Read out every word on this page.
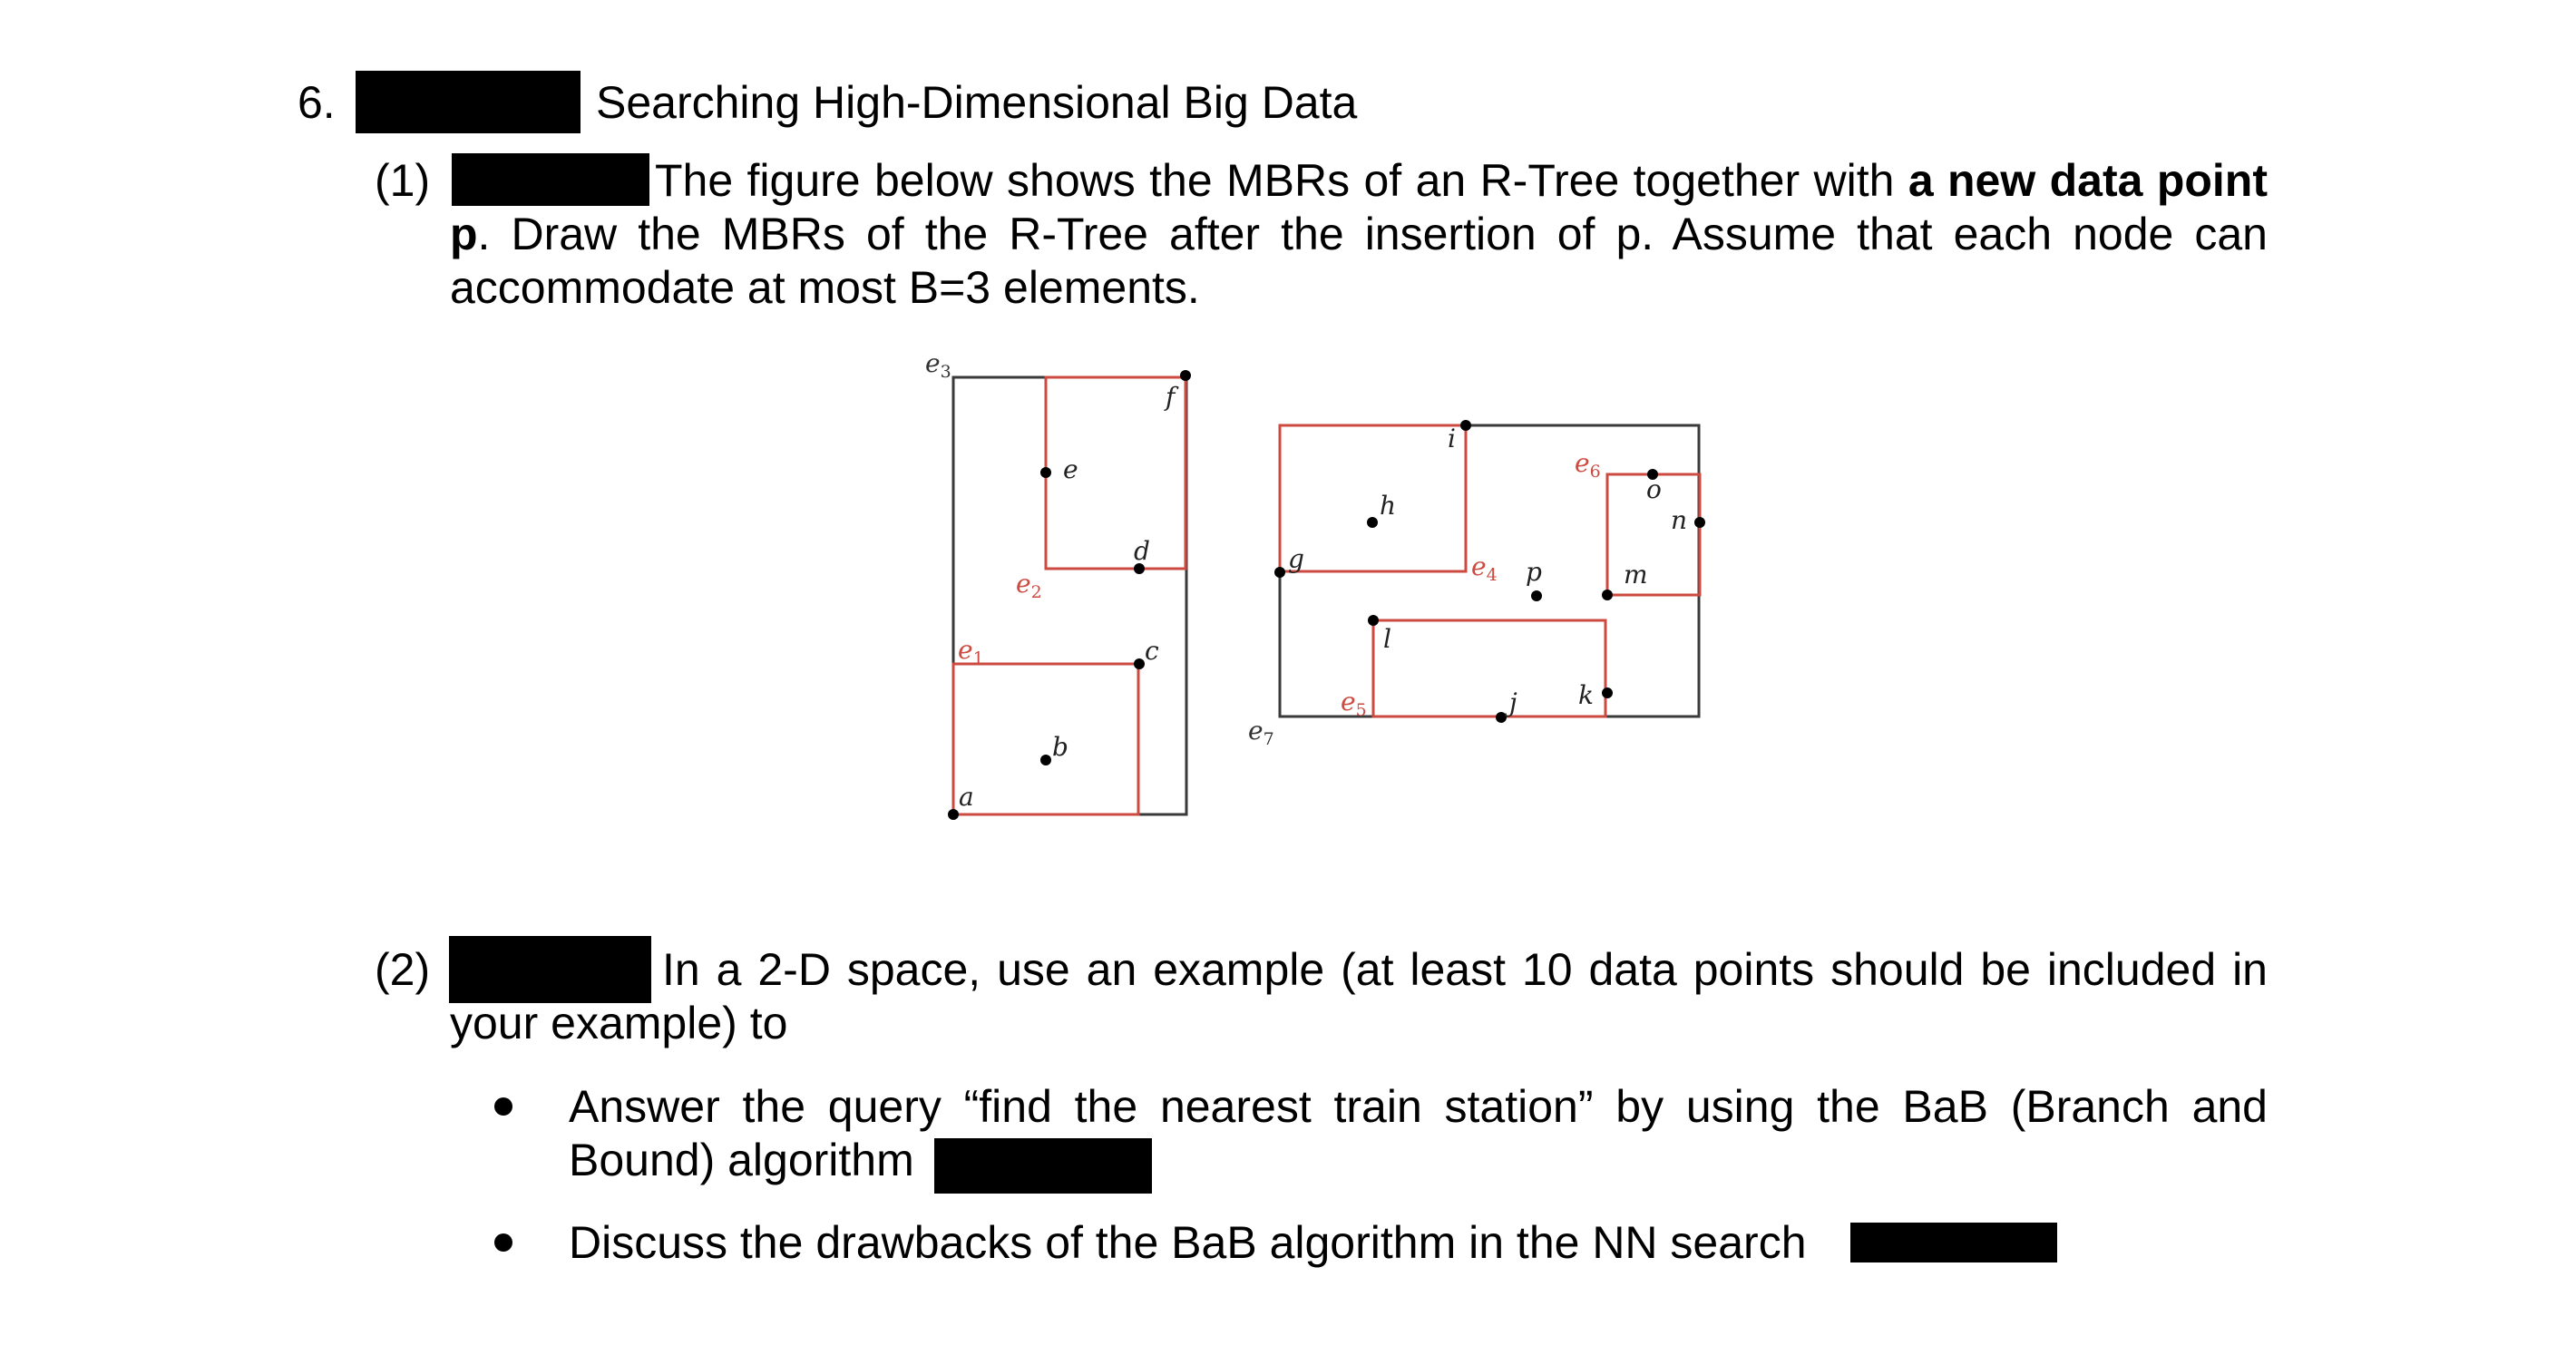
6.	Searching High-Dimensional Big Data
(1)	The figure below shows the MBRs of an R-Tree together with a new data point
p. Draw the MBRs of the R-Tree after the insertion of p. Assume that each node can
accommodate at most B=3 elements.
$e_3$
$e_2$
$e_1$
$e_7$
$e_4$
$e_5$
$e_6$
a
b
c
d
e
f
g
h
i
j k
l
m
n
o
p
(2)	In a 2-D space, use an example (at least 10 data points should be included in
your example) to
Answer the query “find the nearest train station” by using the BaB (Branch and
Bound) algorithm
Discuss the drawbacks of the BaB algorithm in the NN search
